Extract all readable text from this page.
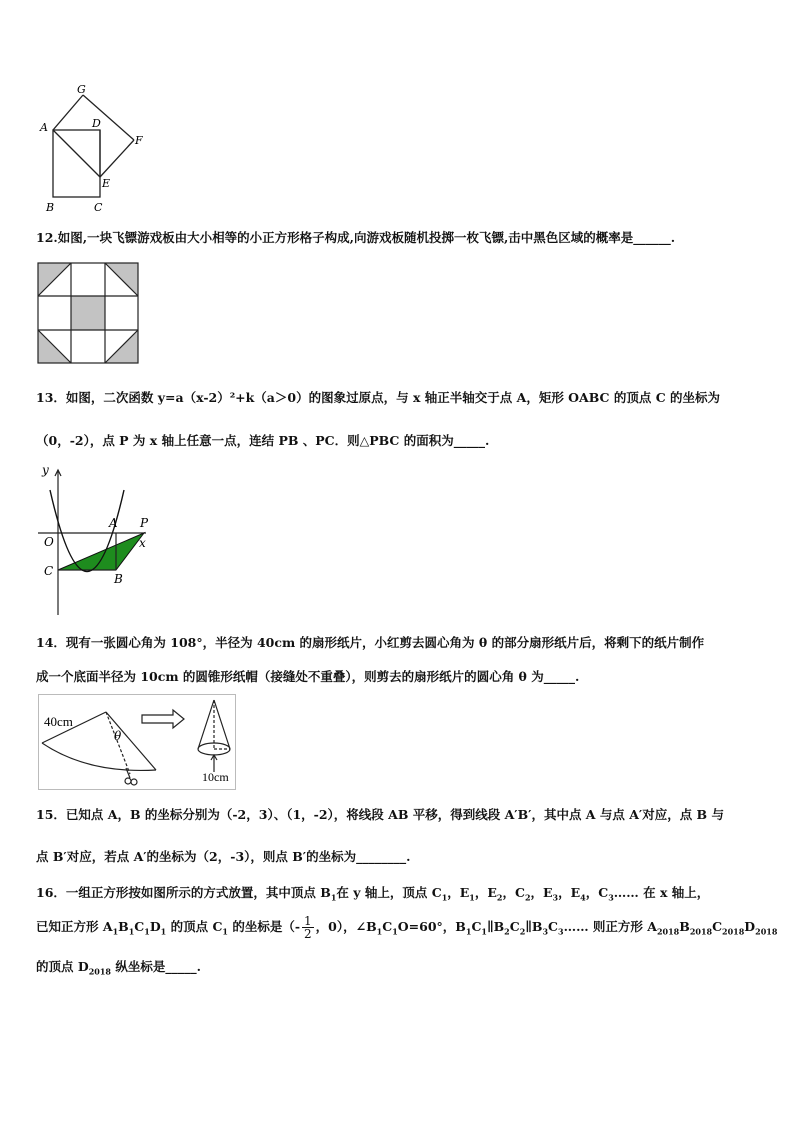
G
A	D
F
E
B	C
12.如图,一块飞镖游戏板由大小相等的小正方形格子构成,向游戏板随机投掷一枚飞镖,击中黑色区域的概率是______.
13．如图，二次函数 y=a（x-2）²+k（a＞0）的图象过原点，与 x 轴正半轴交于点 A，矩形 OABC 的顶点 C 的坐标为
（0，-2），点 P 为 x 轴上任意一点，连结 PB 、PC．则△PBC 的面积为_____.
y
O
A P
x
C
B
14．现有一张圆心角为 108°，半径为 40cm 的扇形纸片，小红剪去圆心角为 θ 的部分扇形纸片后，将剩下的纸片制作
成一个底面半径为 10cm 的圆锥形纸帽（接缝处不重叠），则剪去的扇形纸片的圆心角 θ 为_____.
40cm
θ
10cm
15．已知点 A，B 的坐标分别为（-2，3）、（1，-2），将线段 AB 平移，得到线段 A′B′，其中点 A 与点 A′对应，点 B 与
点 B′对应，若点 A′的坐标为（2，-3），则点 B′的坐标为________.
16．一组正方形按如图所示的方式放置，其中顶点 $B_1$在 y 轴上，顶点 $C_1$，$E_1$，$E_2$，$C_2$，$E_3$，$E_4$，$C_3\dots\dots$ 在 x 轴上，
已知正方形 $A_1B_1C_1D_1$ 的顶点 $C_1$ 的坐标是（- $\frac{1}{2}$ ，0），$\angle B_1C_1O=60^\circ$，$B_1C_1\parallel B_2C_2\parallel B_3C_3\dots\dots$ 则正方形 $A_{2018}B_{2018}C_{2018}D_{2018}$
的顶点 $D_{2018}$ 纵坐标是_____.
